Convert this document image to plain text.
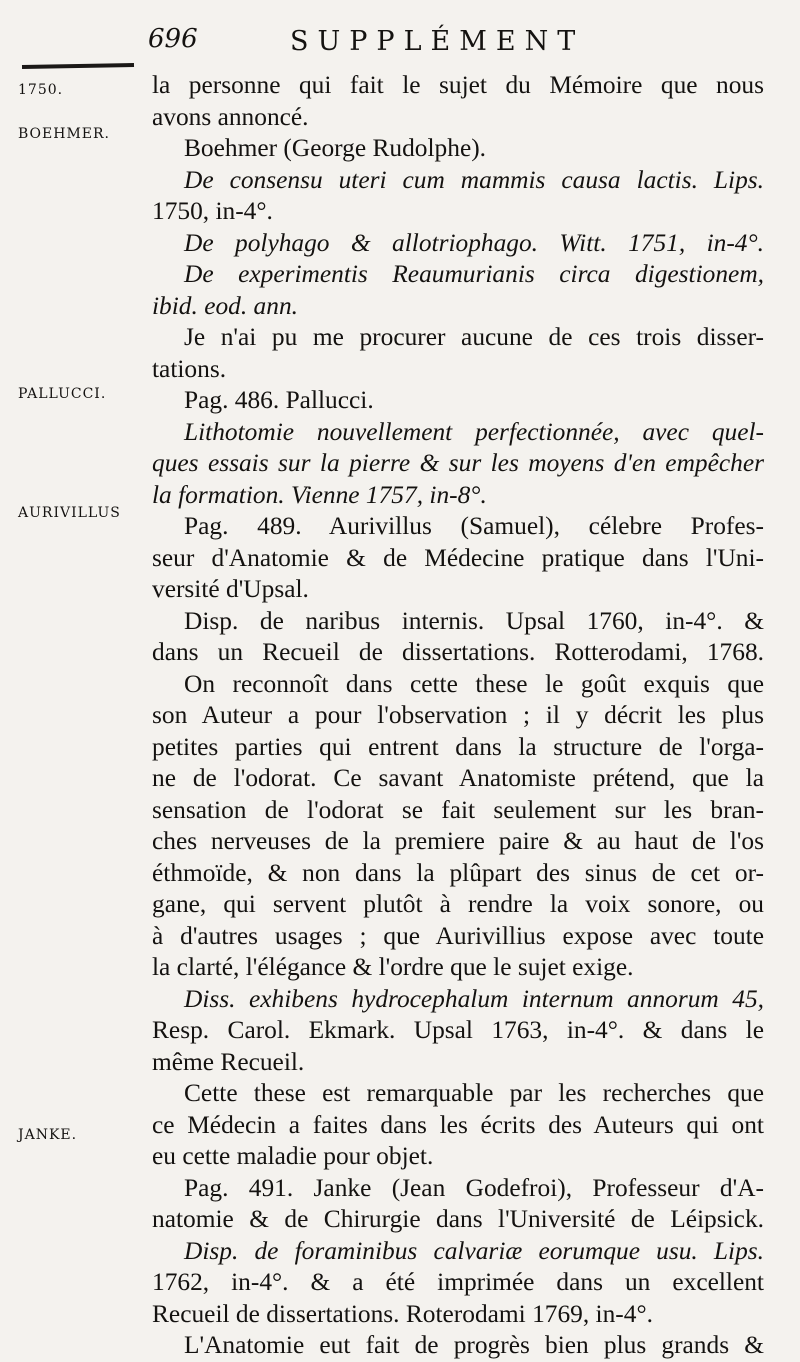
696	SUPPLÉMENT
1750.
BOEHMER.
PALLUCCI.
AURIVILLUS
JANKE.
la personne qui fait le sujet du Mémoire que nous
avons annoncé.
Boehmer (George Rudolphe).
De consensu uteri cum mammis causa lactis. Lips.
1750, in-4°.
De polyhago & allotriophago. Witt. 1751, in-4°.
De experimentis Reaumurianis circa digestionem,
ibid. eod. ann.
Je n'ai pu me procurer aucune de ces trois disser-
tations.
Pag. 486. Pallucci.
Lithotomie nouvellement perfectionnée, avec quel-
ques essais sur la pierre & sur les moyens d'en empêcher
la formation. Vienne 1757, in-8°.
Pag. 489. Aurivillus (Samuel), célebre Profes-
seur d'Anatomie & de Médecine pratique dans l'Uni-
versité d'Upsal.
Disp. de naribus internis. Upsal 1760, in-4°. &
dans un Recueil de dissertations. Rotterodami, 1768.
On reconnoît dans cette these le goût exquis que
son Auteur a pour l'observation ; il y décrit les plus
petites parties qui entrent dans la structure de l'orga-
ne de l'odorat. Ce savant Anatomiste prétend, que la
sensation de l'odorat se fait seulement sur les bran-
ches nerveuses de la premiere paire & au haut de l'os
éthmoïde, & non dans la plûpart des sinus de cet or-
gane, qui servent plutôt à rendre la voix sonore, ou
à d'autres usages ; que Aurivillius expose avec toute
la clarté, l'élégance & l'ordre que le sujet exige.
Diss. exhibens hydrocephalum internum annorum 45,
Resp. Carol. Ekmark. Upsal 1763, in-4°. & dans le
même Recueil.
Cette these est remarquable par les recherches que
ce Médecin a faites dans les écrits des Auteurs qui ont
eu cette maladie pour objet.
Pag. 491. Janke (Jean Godefroi), Professeur d'A-
natomie & de Chirurgie dans l'Université de Léipsick.
Disp. de foraminibus calvariæ eorumque usu. Lips.
1762, in-4°. & a été imprimée dans un excellent
Recueil de dissertations. Roterodami 1769, in-4°.
L'Anatomie eut fait de progrès bien plus grands &
